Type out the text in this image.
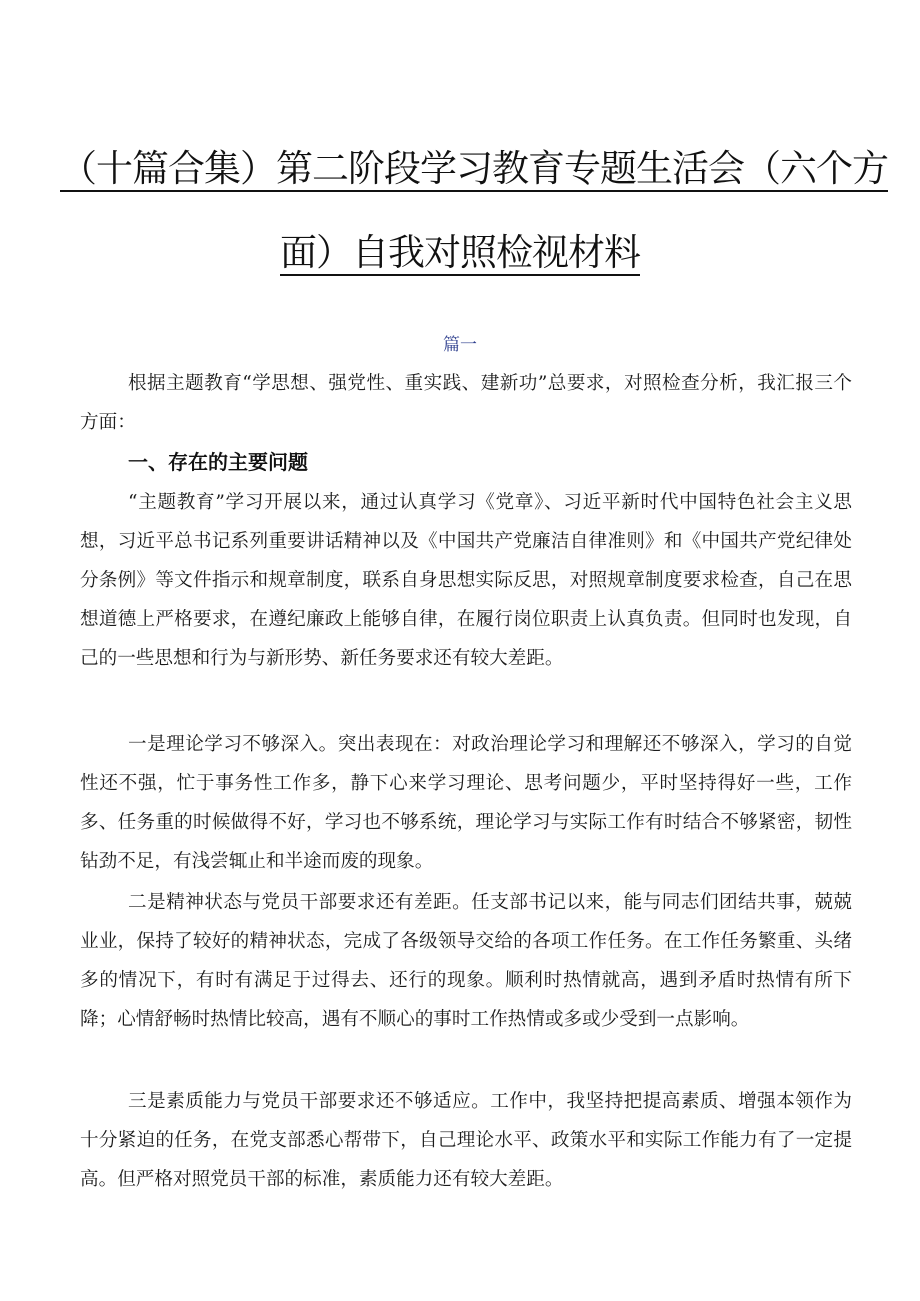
（十篇合集）第二阶段学习教育专题生活会（六个方
面）自我对照检视材料
篇一

根据主题教育“学思想、强党性、重实践、建新功”总要求，对照检查分析，我汇报三个方面：

一、存在的主要问题

“主题教育”学习开展以来，通过认真学习《党章》、习近平新时代中国特色社会主义思想，习近平总书记系列重要讲话精神以及《中国共产党廉洁自律准则》和《中国共产党纪律处分条例》等文件指示和规章制度，联系自身思想实际反思，对照规章制度要求检查，自己在思想道德上严格要求，在遵纪廉政上能够自律，在履行岗位职责上认真负责。但同时也发现，自己的一些思想和行为与新形势、新任务要求还有较大差距。

一是理论学习不够深入。突出表现在：对政治理论学习和理解还不够深入，学习的自觉性还不强，忙于事务性工作多，静下心来学习理论、思考问题少，平时坚持得好一些，工作多、任务重的时候做得不好，学习也不够系统，理论学习与实际工作有时结合不够紧密，韧性钻劲不足，有浅尝辄止和半途而废的现象。

二是精神状态与党员干部要求还有差距。任支部书记以来，能与同志们团结共事，兢兢业业，保持了较好的精神状态，完成了各级领导交给的各项工作任务。在工作任务繁重、头绪多的情况下，有时有满足于过得去、还行的现象。顺利时热情就高，遇到矛盾时热情有所下降；心情舒畅时热情比较高，遇有不顺心的事时工作热情或多或少受到一点影响。

三是素质能力与党员干部要求还不够适应。工作中，我坚持把提高素质、增强本领作为十分紧迫的任务，在党支部悉心帮带下，自己理论水平、政策水平和实际工作能力有了一定提高。但严格对照党员干部的标准，素质能力还有较大差距。
